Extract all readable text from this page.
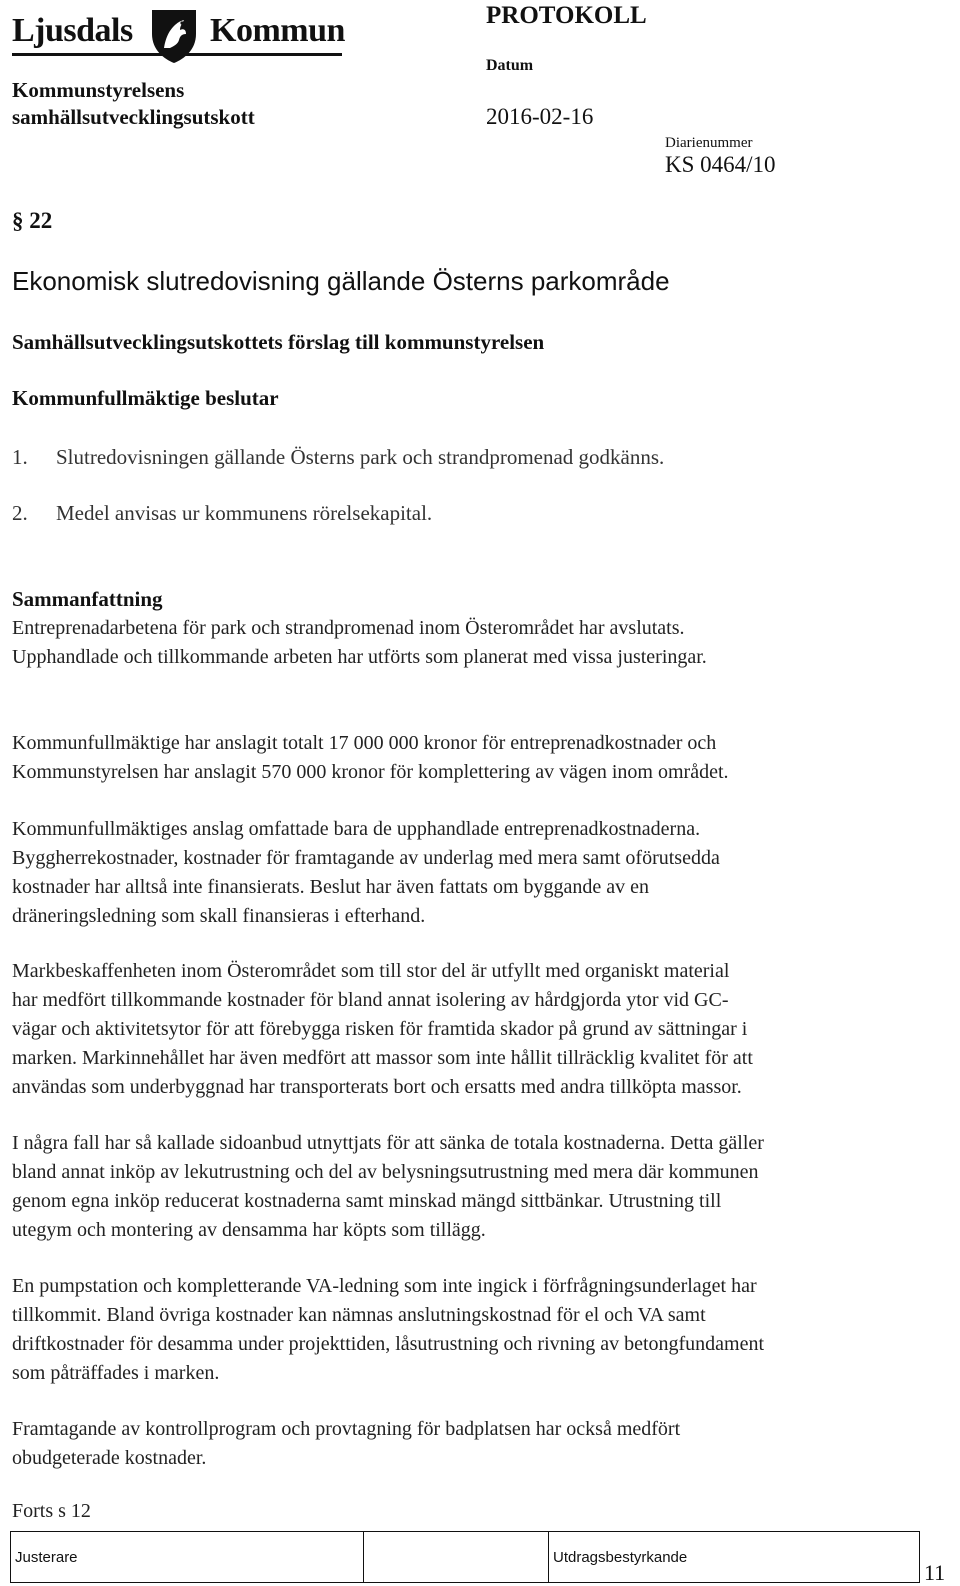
Ljusdals Kommun	PROTOKOLL
Datum
Kommunstyrelsens
samhällsutvecklingsutskott	2016-02-16
Diarienummer
KS 0464/10
§ 22
Ekonomisk slutredovisning gällande Österns parkområde
Samhällsutvecklingsutskottets förslag till kommunstyrelsen
Kommunfullmäktige beslutar
1. Slutredovisningen gällande Österns park och strandpromenad godkänns.
2. Medel anvisas ur kommunens rörelsekapital.
Sammanfattning
Entreprenadarbetena för park och strandpromenad inom Österområdet har avslutats.
Upphandlade och tillkommande arbeten har utförts som planerat med vissa justeringar.
Kommunfullmäktige har anslagit totalt 17 000 000 kronor för entreprenadkostnader och
Kommunstyrelsen har anslagit 570 000 kronor för komplettering av vägen inom området.
Kommunfullmäktiges anslag omfattade bara de upphandlade entreprenadkostnaderna.
Byggherrekostnader, kostnader för framtagande av underlag med mera samt oförutsedda
kostnader har alltså inte finansierats. Beslut har även fattats om byggande av en
dräneringsledning som skall finansieras i efterhand.
Markbeskaffenheten inom Österområdet som till stor del är utfyllt med organiskt material
har medfört tillkommande kostnader för bland annat isolering av hårdgjorda ytor vid GC-
vägar och aktivitetsytor för att förebygga risken för framtida skador på grund av sättningar i
marken. Markinnehållet har även medfört att massor som inte hållit tillräcklig kvalitet för att
användas som underbyggnad har transporterats bort och ersatts med andra tillköpta massor.
I några fall har så kallade sidoanbud utnyttjats för att sänka de totala kostnaderna. Detta gäller
bland annat inköp av lekutrustning och del av belysningsutrustning med mera där kommunen
genom egna inköp reducerat kostnaderna samt minskad mängd sittbänkar. Utrustning till
utegym och montering av densamma har köpts som tillägg.
En pumpstation och kompletterande VA-ledning som inte ingick i förfrågningsunderlaget har
tillkommit. Bland övriga kostnader kan nämnas anslutningskostnad för el och VA samt
driftkostnader för desamma under projekttiden, låsutrustning och rivning av betongfundament
som påträffades i marken.
Framtagande av kontrollprogram och provtagning för badplatsen har också medfört
obudgeterade kostnader.
Forts s 12
Justerare	Utdragsbestyrkande
11
